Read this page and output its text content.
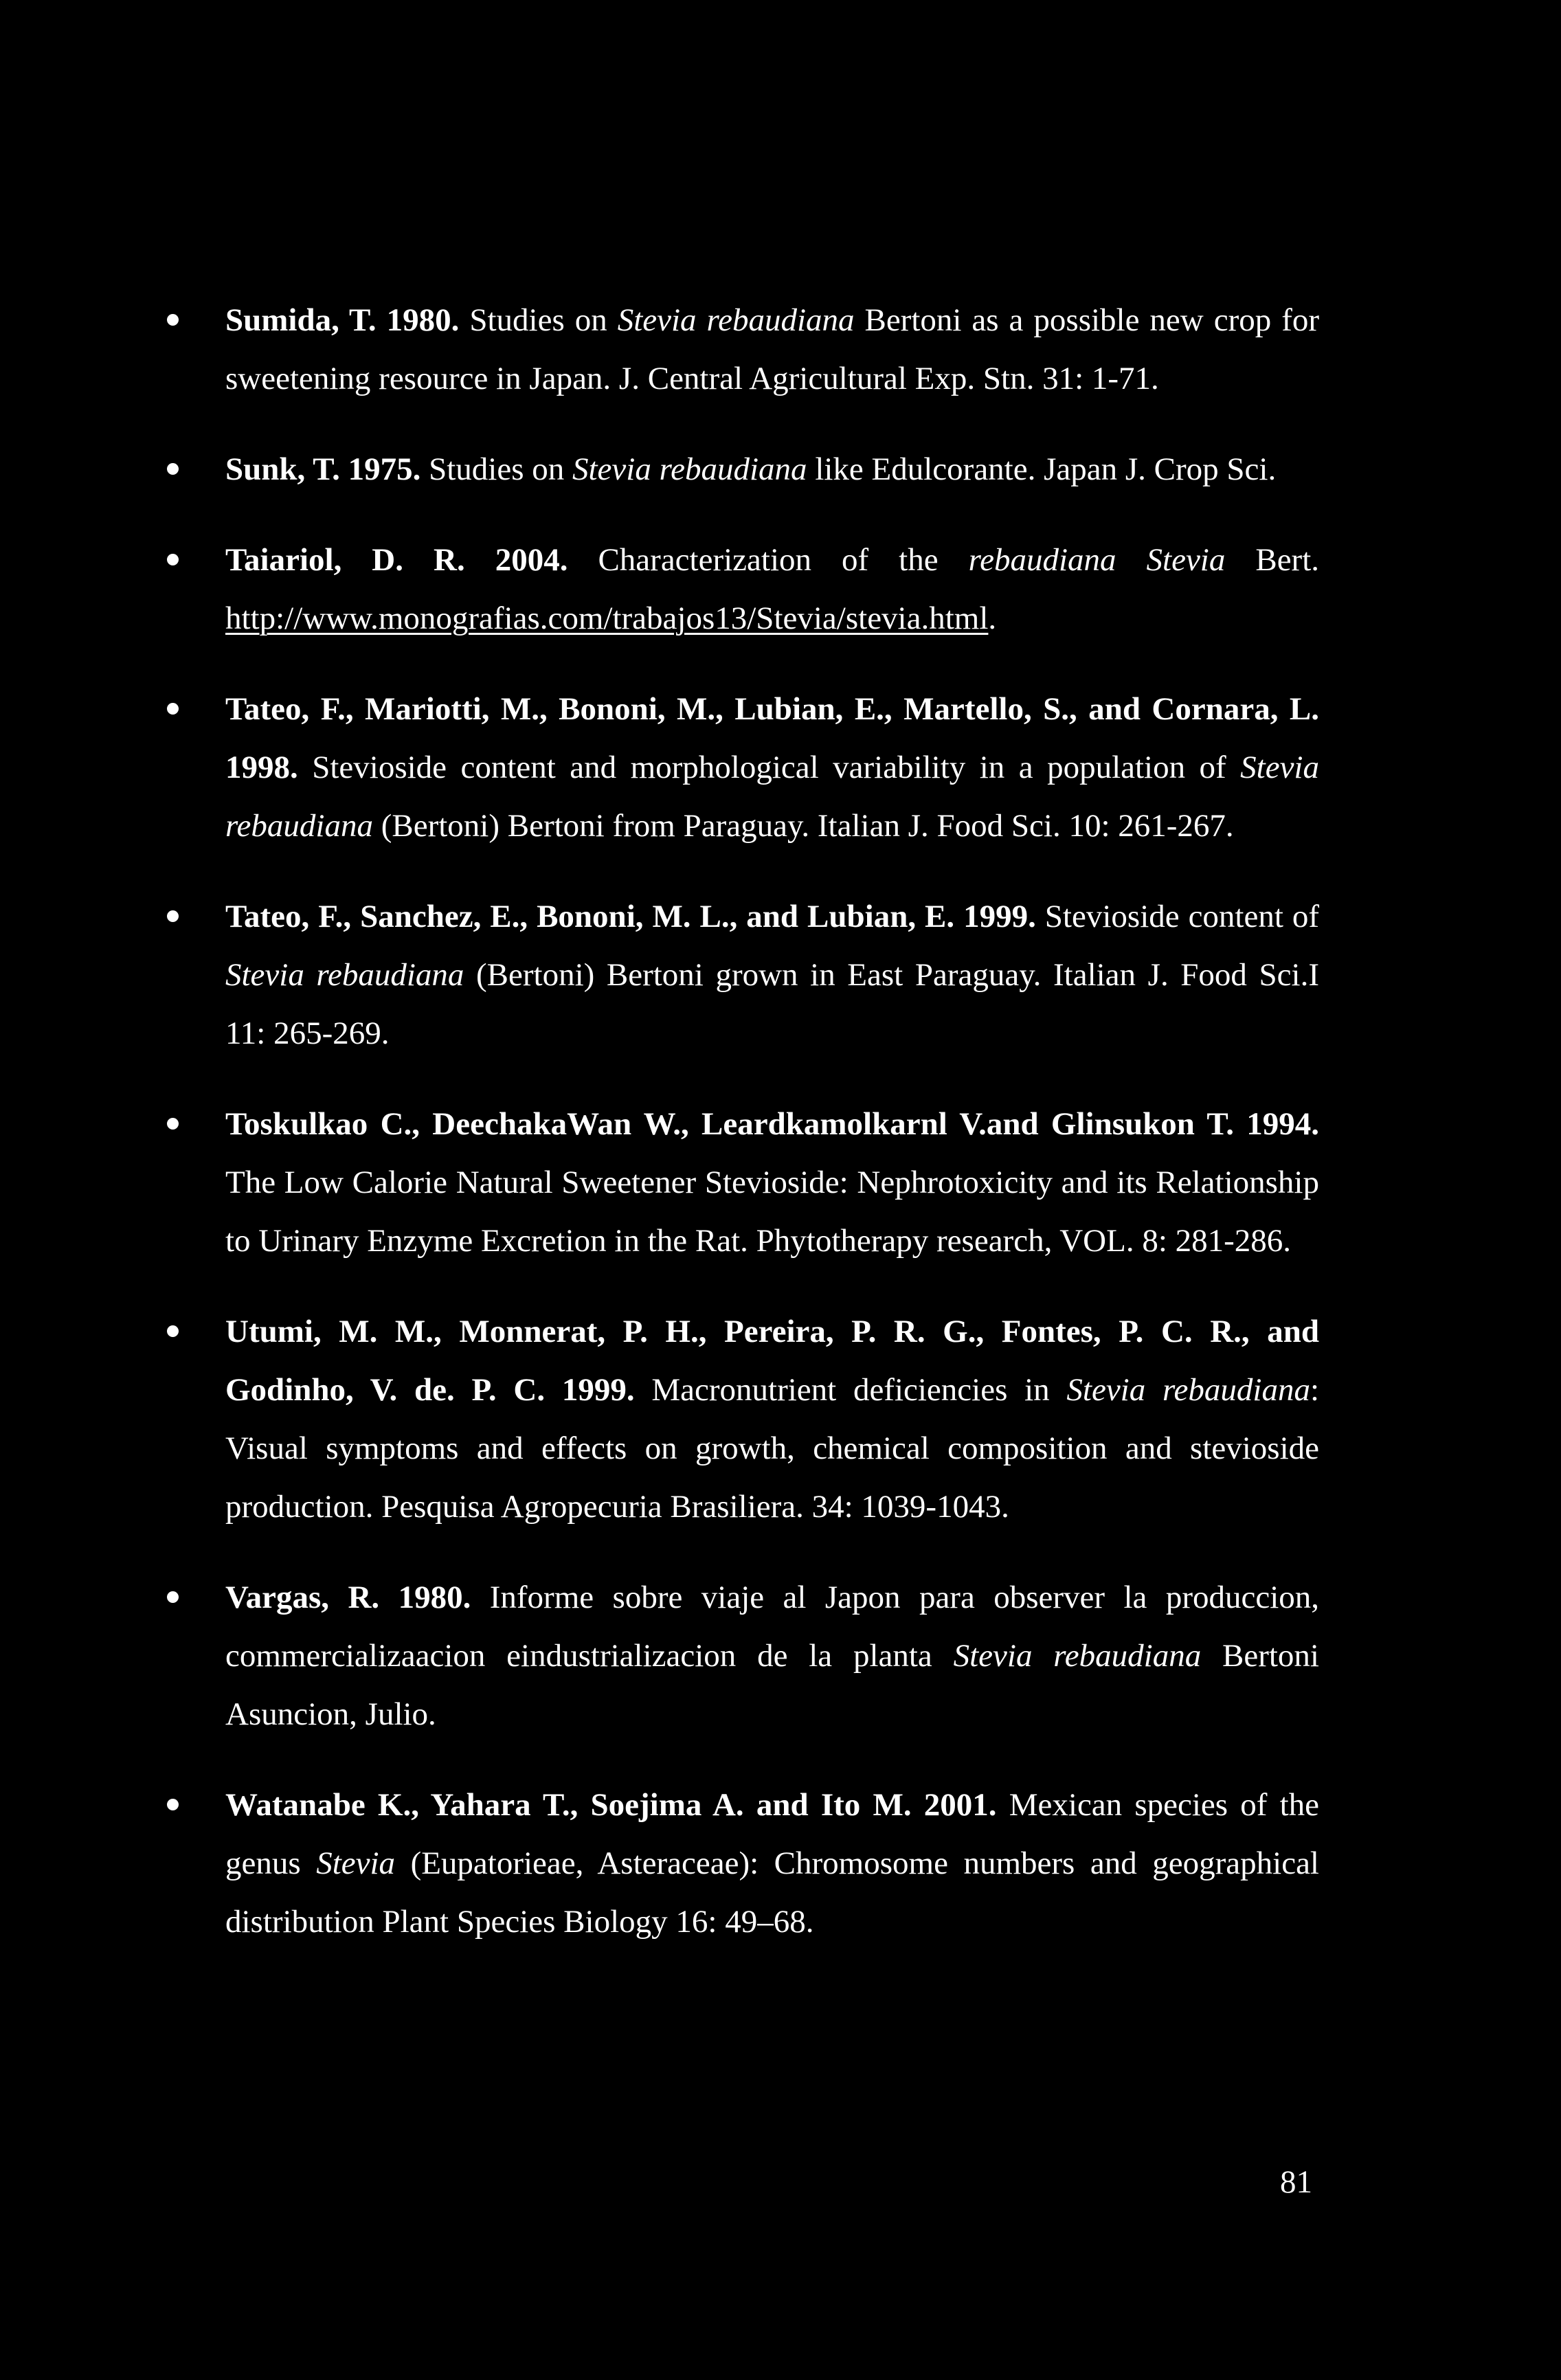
Sumida, T. 1980. Studies on Stevia rebaudiana Bertoni as a possible new crop for sweetening resource in Japan. J. Central Agricultural Exp. Stn. 31: 1-71.
Sunk, T. 1975. Studies on Stevia rebaudiana like Edulcorante. Japan J. Crop Sci.
Taiariol, D. R. 2004. Characterization of the rebaudiana Stevia Bert. http://www.monografias.com/trabajos13/Stevia/stevia.html.
Tateo, F., Mariotti, M., Bononi, M., Lubian, E., Martello, S., and Cornara, L. 1998. Stevioside content and morphological variability in a population of Stevia rebaudiana (Bertoni) Bertoni from Paraguay. Italian J. Food Sci. 10: 261-267.
Tateo, F., Sanchez, E., Bononi, M. L., and Lubian, E. 1999. Stevioside content of Stevia rebaudiana (Bertoni) Bertoni grown in East Paraguay. Italian J. Food Sci.I 11: 265-269.
Toskulkao C., DeechakaWan W., Leardkamolkarnl V.and Glinsukon T. 1994. The Low Calorie Natural Sweetener Stevioside: Nephrotoxicity and its Relationship to Urinary Enzyme Excretion in the Rat. Phytotherapy research, VOL. 8: 281-286.
Utumi, M. M., Monnerat, P. H., Pereira, P. R. G., Fontes, P. C. R., and Godinho, V. de. P. C. 1999. Macronutrient deficiencies in Stevia rebaudiana: Visual symptoms and effects on growth, chemical composition and stevioside production. Pesquisa Agropecuria Brasiliera. 34: 1039-1043.
Vargas, R. 1980. Informe sobre viaje al Japon para observer la produccion, commercializaacion eindustrializacion de la planta Stevia rebaudiana Bertoni Asuncion, Julio.
Watanabe K., Yahara T., Soejima A. and Ito M. 2001. Mexican species of the genus Stevia (Eupatorieae, Asteraceae): Chromosome numbers and geographical distribution Plant Species Biology 16: 49–68.
81
